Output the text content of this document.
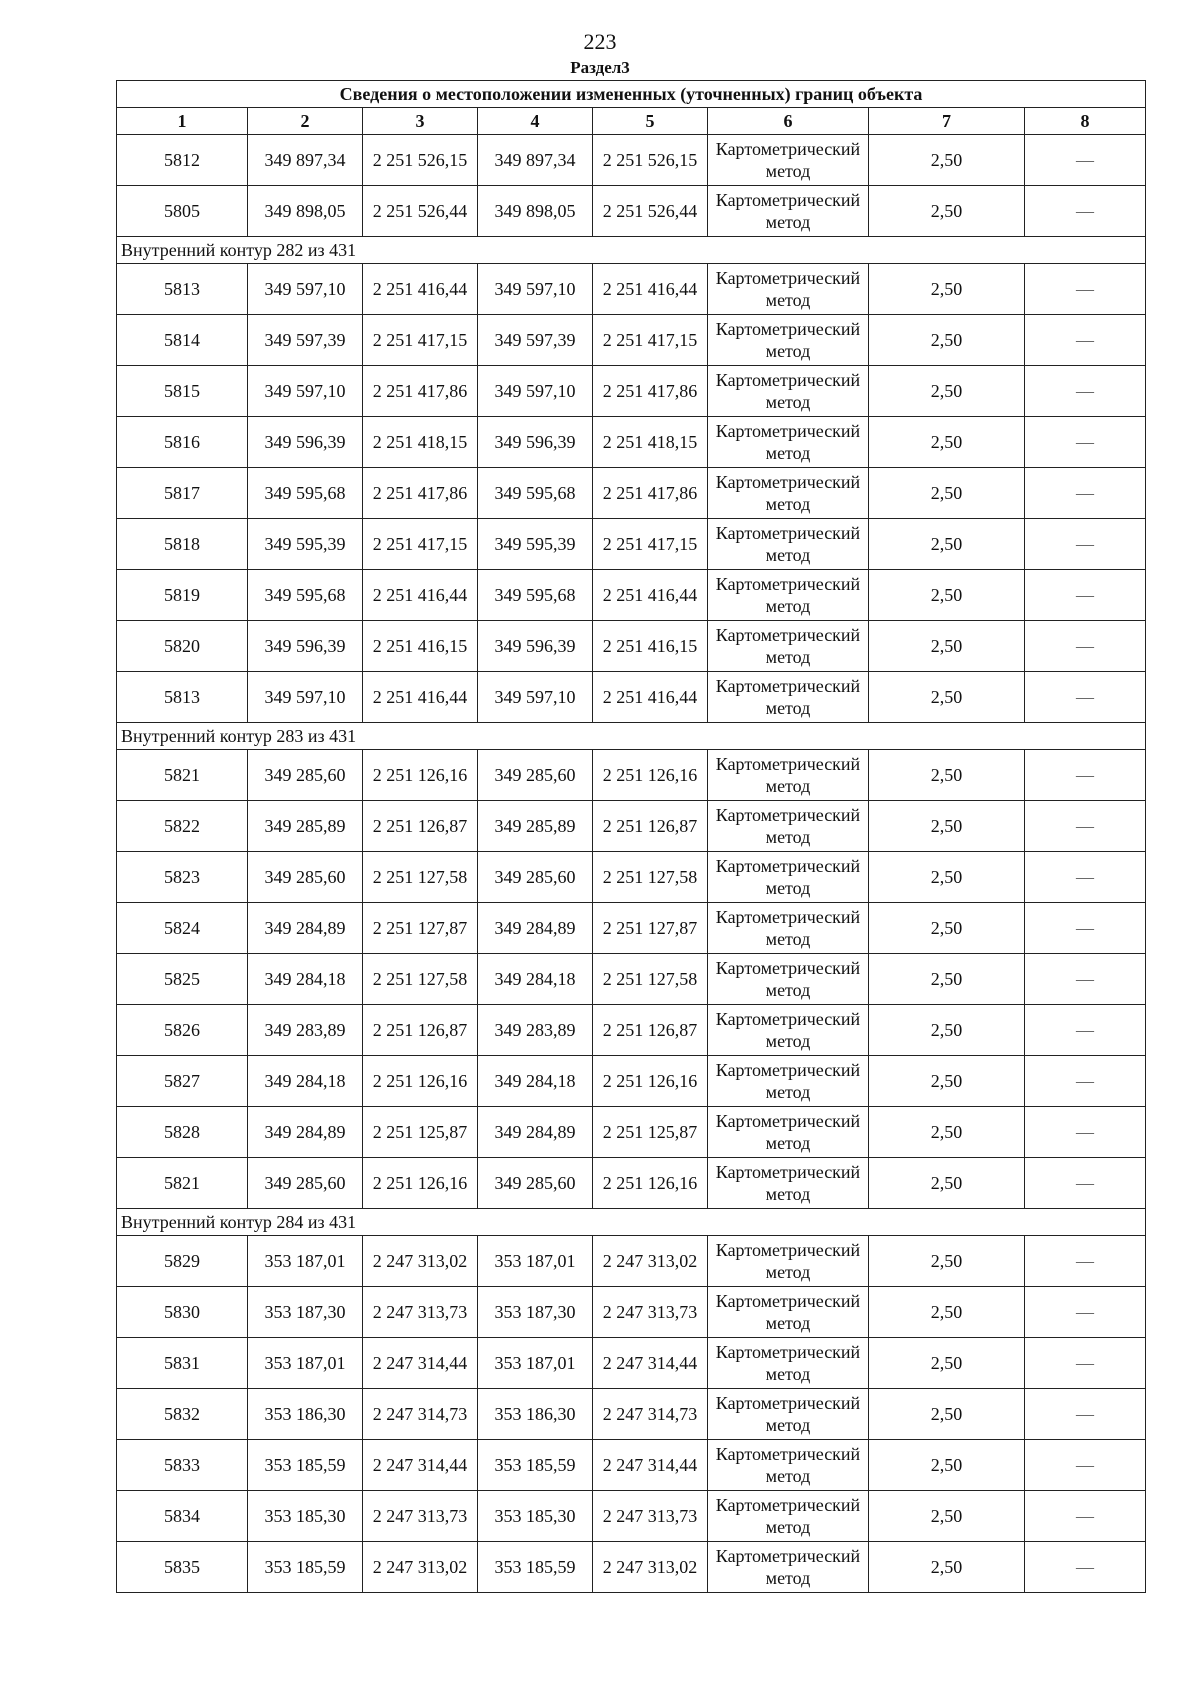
223
Раздел3
Сведения о местоположении измененных (уточненных) границ объекта							
1	2	3	4	5	6	7	8
5812	349 897,34	2 251 526,15	349 897,34	2 251 526,15	Картометрический метод	2,50	—
5805	349 898,05	2 251 526,44	349 898,05	2 251 526,44	Картометрический метод	2,50	—
Внутренний контур 282 из 431							
5813	349 597,10	2 251 416,44	349 597,10	2 251 416,44	Картометрический метод	2,50	—
5814	349 597,39	2 251 417,15	349 597,39	2 251 417,15	Картометрический метод	2,50	—
5815	349 597,10	2 251 417,86	349 597,10	2 251 417,86	Картометрический метод	2,50	—
5816	349 596,39	2 251 418,15	349 596,39	2 251 418,15	Картометрический метод	2,50	—
5817	349 595,68	2 251 417,86	349 595,68	2 251 417,86	Картометрический метод	2,50	—
5818	349 595,39	2 251 417,15	349 595,39	2 251 417,15	Картометрический метод	2,50	—
5819	349 595,68	2 251 416,44	349 595,68	2 251 416,44	Картометрический метод	2,50	—
5820	349 596,39	2 251 416,15	349 596,39	2 251 416,15	Картометрический метод	2,50	—
5813	349 597,10	2 251 416,44	349 597,10	2 251 416,44	Картометрический метод	2,50	—
Внутренний контур 283 из 431							
5821	349 285,60	2 251 126,16	349 285,60	2 251 126,16	Картометрический метод	2,50	—
5822	349 285,89	2 251 126,87	349 285,89	2 251 126,87	Картометрический метод	2,50	—
5823	349 285,60	2 251 127,58	349 285,60	2 251 127,58	Картометрический метод	2,50	—
5824	349 284,89	2 251 127,87	349 284,89	2 251 127,87	Картометрический метод	2,50	—
5825	349 284,18	2 251 127,58	349 284,18	2 251 127,58	Картометрический метод	2,50	—
5826	349 283,89	2 251 126,87	349 283,89	2 251 126,87	Картометрический метод	2,50	—
5827	349 284,18	2 251 126,16	349 284,18	2 251 126,16	Картометрический метод	2,50	—
5828	349 284,89	2 251 125,87	349 284,89	2 251 125,87	Картометрический метод	2,50	—
5821	349 285,60	2 251 126,16	349 285,60	2 251 126,16	Картометрический метод	2,50	—
Внутренний контур 284 из 431							
5829	353 187,01	2 247 313,02	353 187,01	2 247 313,02	Картометрический метод	2,50	—
5830	353 187,30	2 247 313,73	353 187,30	2 247 313,73	Картометрический метод	2,50	—
5831	353 187,01	2 247 314,44	353 187,01	2 247 314,44	Картометрический метод	2,50	—
5832	353 186,30	2 247 314,73	353 186,30	2 247 314,73	Картометрический метод	2,50	—
5833	353 185,59	2 247 314,44	353 185,59	2 247 314,44	Картометрический метод	2,50	—
5834	353 185,30	2 247 313,73	353 185,30	2 247 313,73	Картометрический метод	2,50	—
5835	353 185,59	2 247 313,02	353 185,59	2 247 313,02	Картометрический метод	2,50	—
